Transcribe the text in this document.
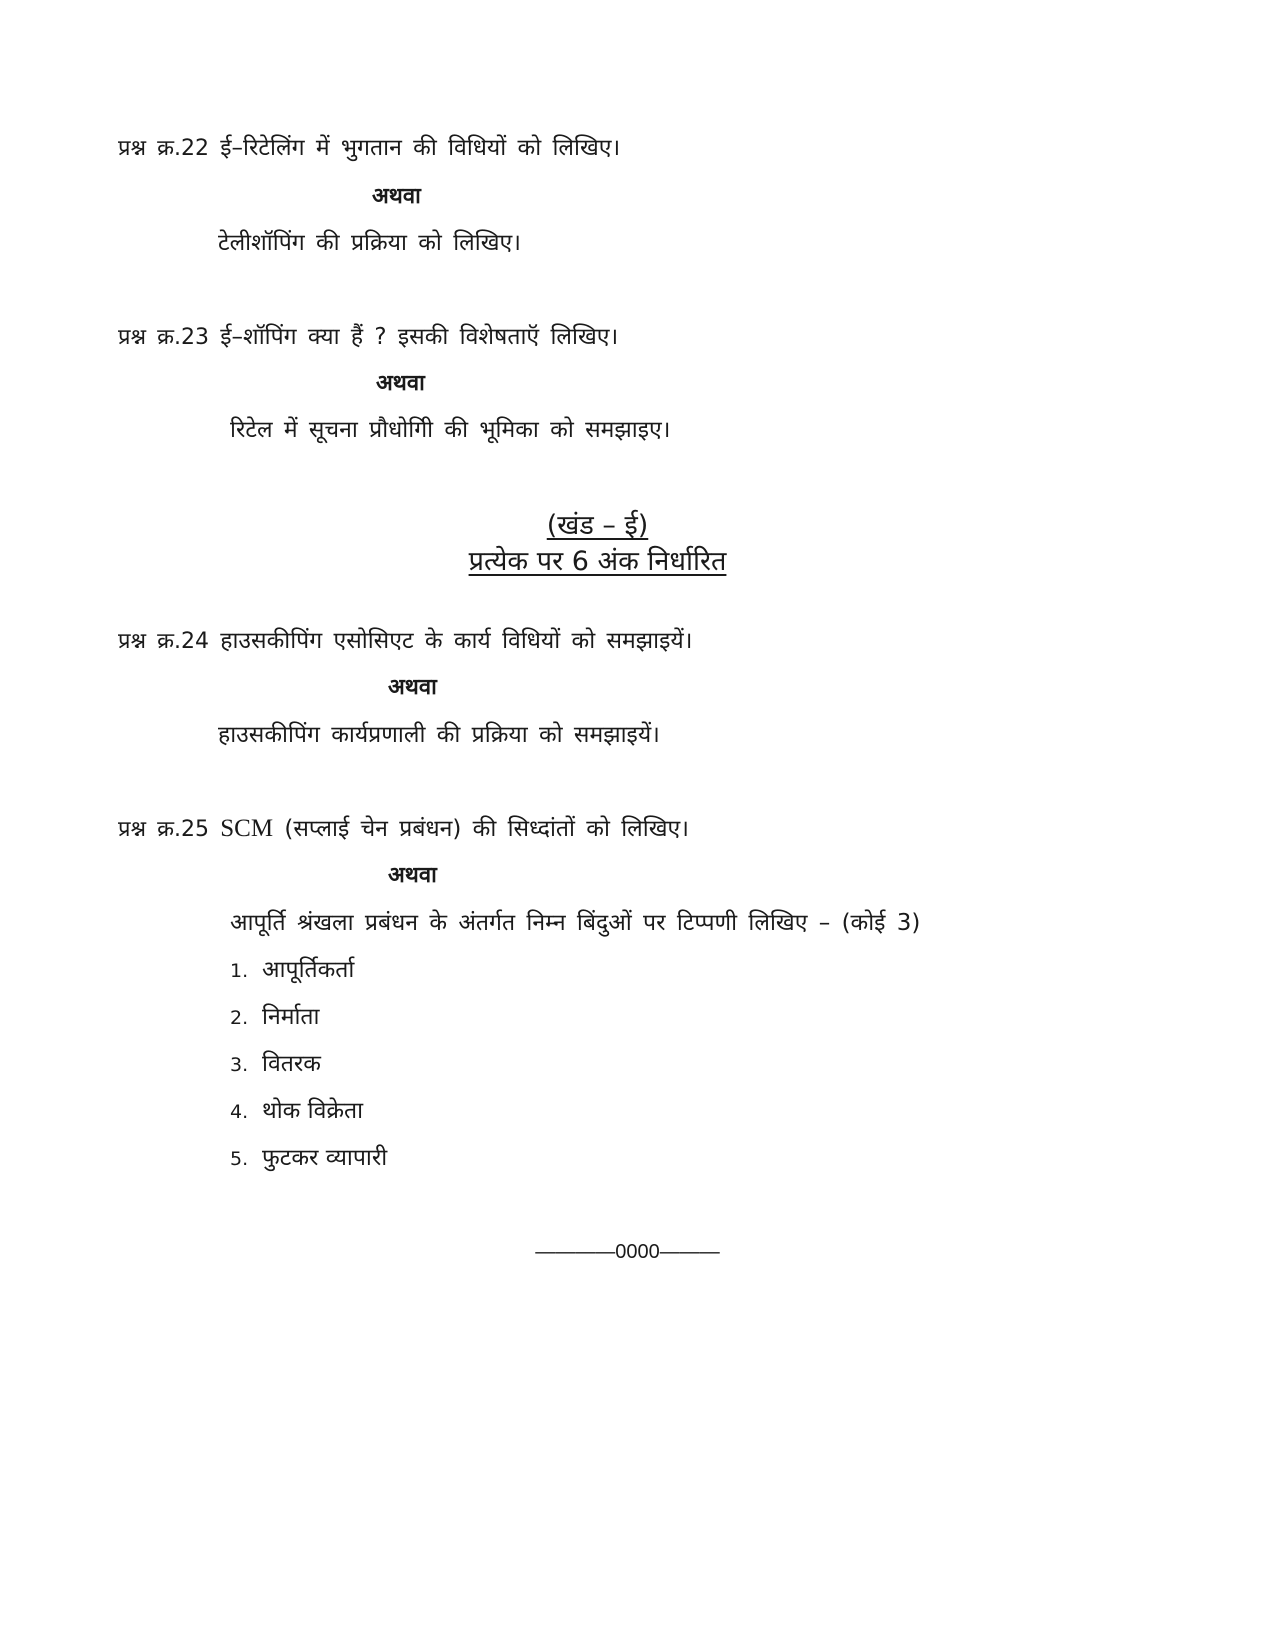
प्रश्न क्र.22 ई–रिटेलिंग में भुगतान की विधियों को लिखिए।
अथवा
टेलीशॉपिंग की प्रक्रिया को लिखिए।
प्रश्न क्र.23 ई–शॉपिंग क्या हैं ? इसकी विशेषताऍ लिखिए।
अथवा
रिटेल में सूचना प्रौधोगिी की भूमिका को समझाइए।
(खंड – ई)
प्रत्येक पर 6 अंक निर्धारित
प्रश्न क्र.24 हाउसकीपिंग एसोसिएट के कार्य विधियों को समझाइयें।
अथवा
हाउसकीपिंग कार्यप्रणाली की प्रक्रिया को समझाइयें।
प्रश्न क्र.25 SCM (सप्लाई चेन प्रबंधन) की सिध्दांतों को लिखिए।
अथवा
आपूर्ति श्रंखला प्रबंधन के अंतर्गत निम्न बिंदुओं पर टिप्पणी लिखिए – (कोई 3)
1. आपूर्तिकर्ता
2. निर्माता
3. वितरक
4. थोक विक्रेता
5. फुटकर व्यापारी
————0000———
